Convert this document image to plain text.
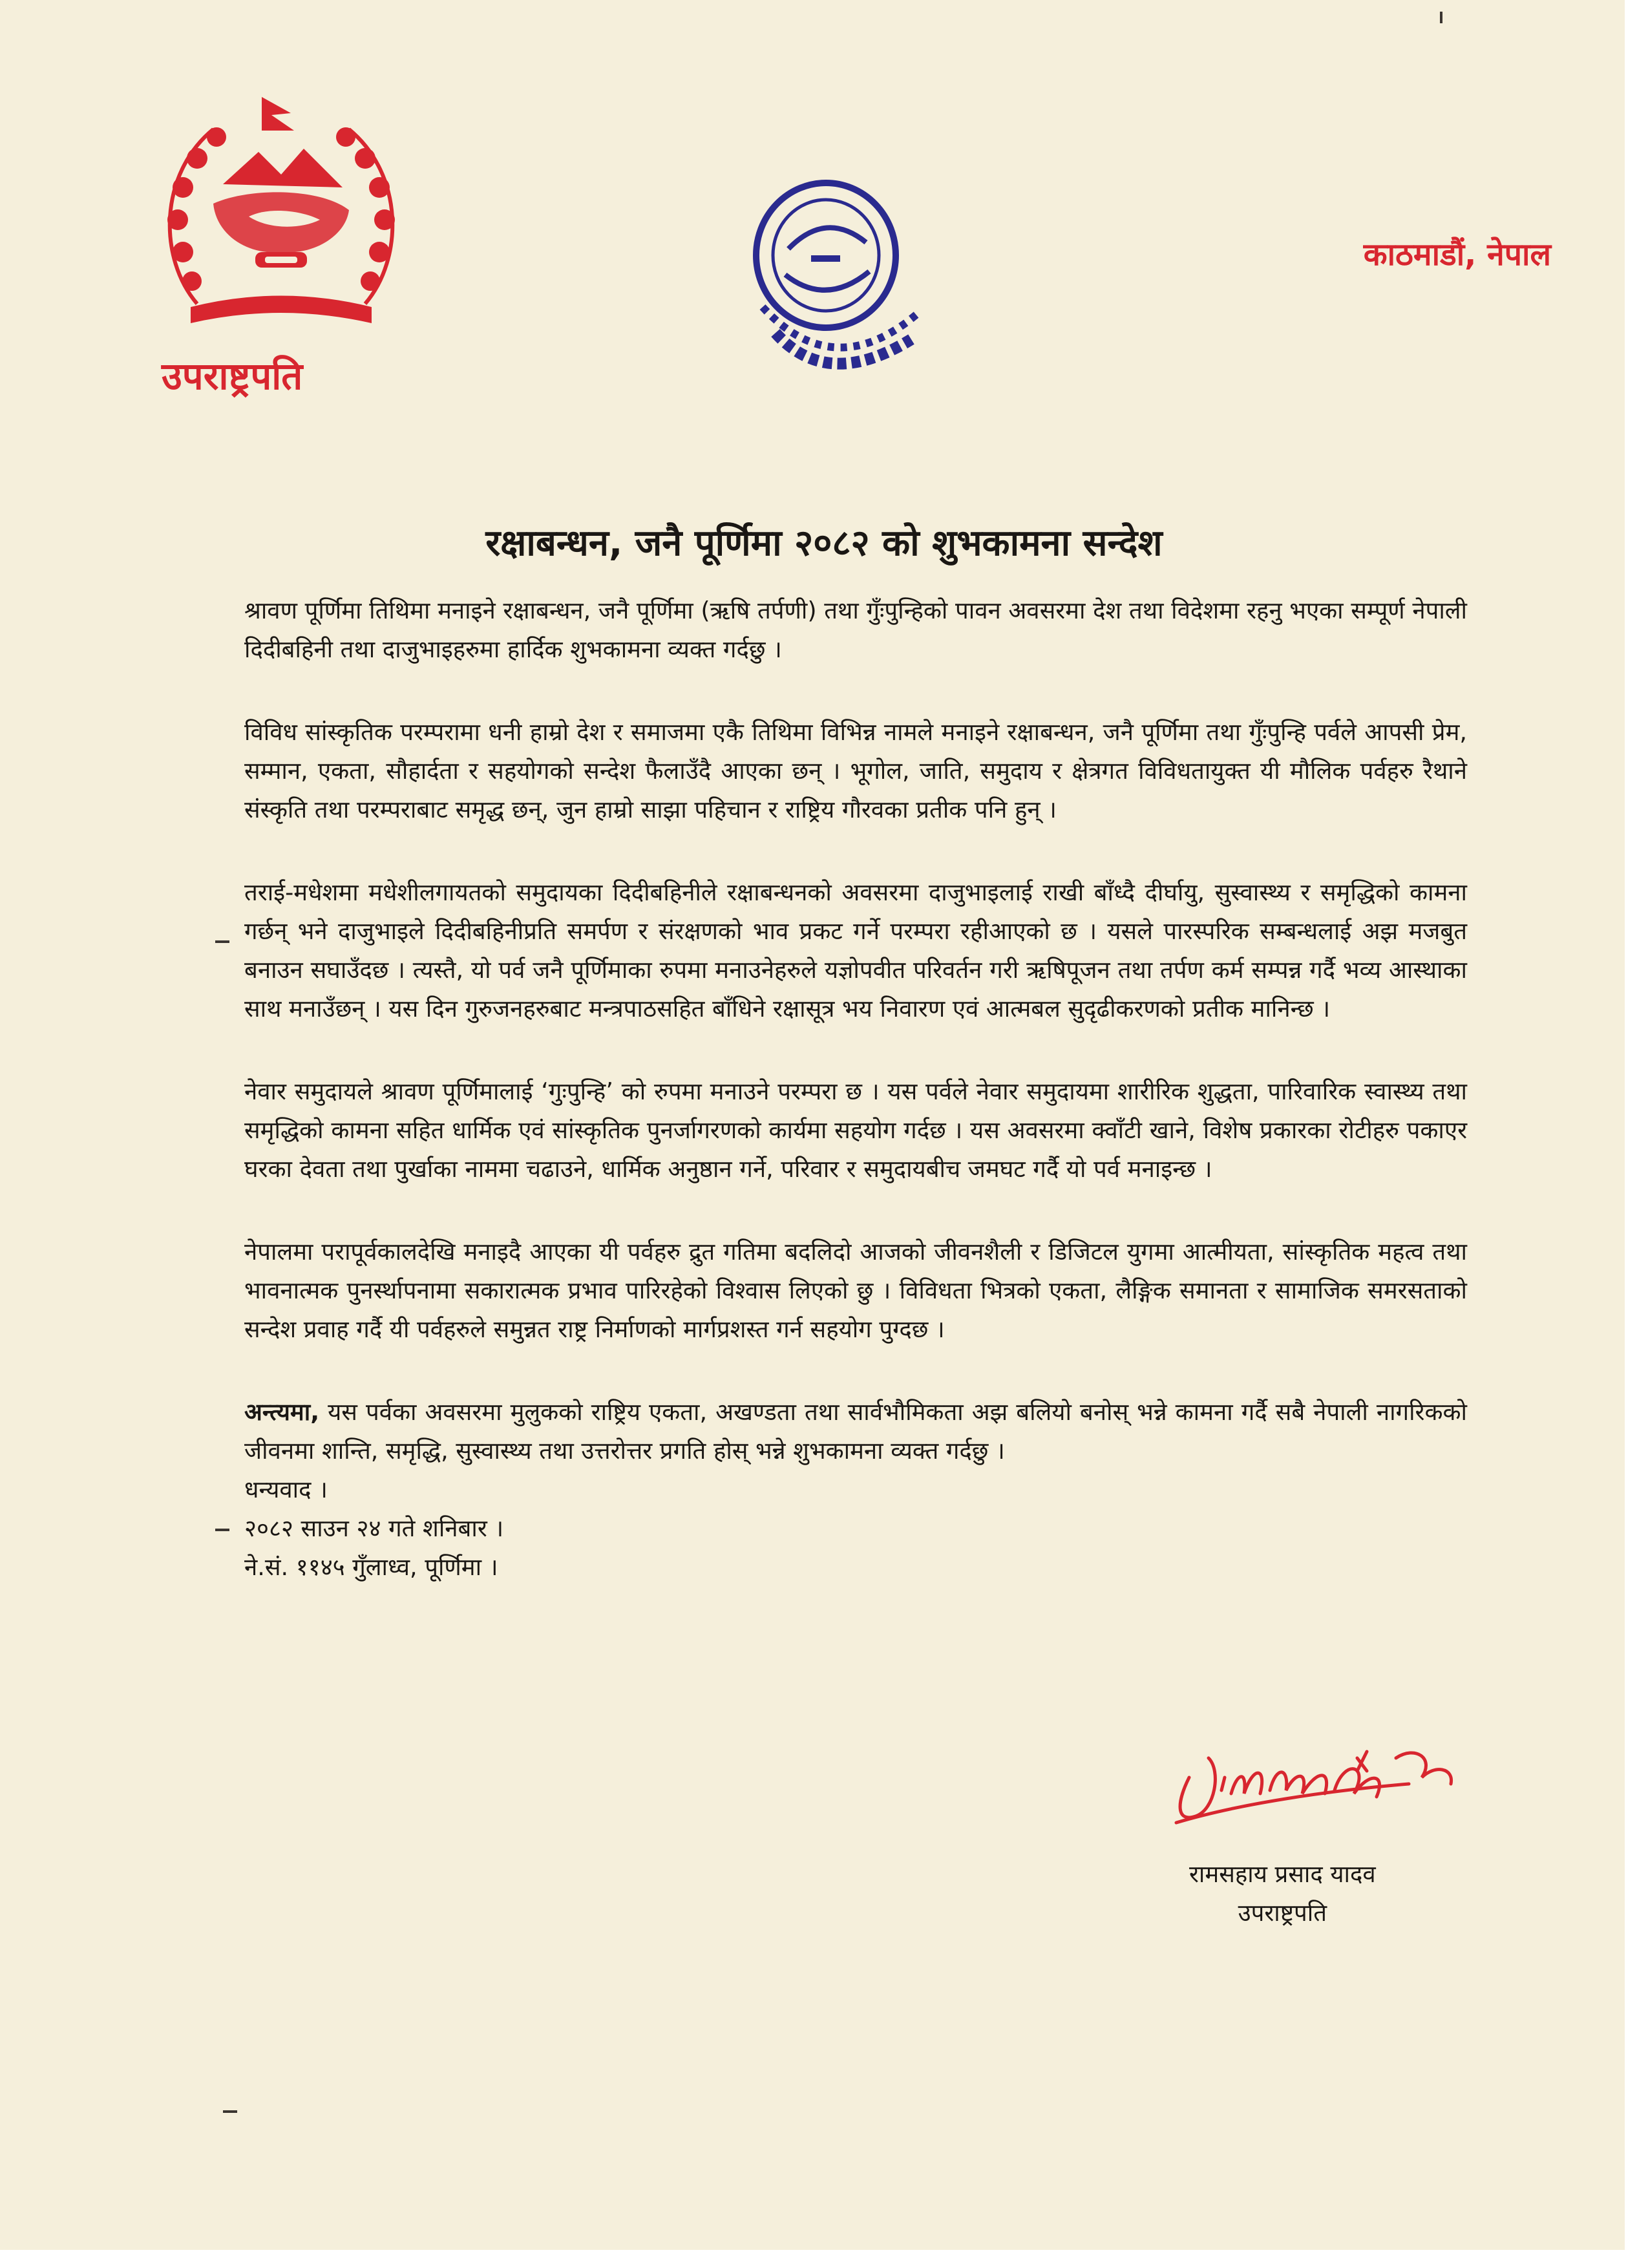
उपराष्ट्रपति
काठमाडौं, नेपाल
रक्षाबन्धन, जनै पूर्णिमा २०८२ को शुभकामना सन्देश

श्रावण पूर्णिमा तिथिमा मनाइने रक्षाबन्धन, जनै पूर्णिमा (ऋषि तर्पणी) तथा गुँःपुन्हिको पावन अवसरमा देश तथा विदेशमा रहनु भएका सम्पूर्ण नेपाली दिदीबहिनी तथा दाजुभाइहरुमा हार्दिक शुभकामना व्यक्त गर्दछु ।

विविध सांस्कृतिक परम्परामा धनी हाम्रो देश र समाजमा एकै तिथिमा विभिन्न नामले मनाइने रक्षाबन्धन, जनै पूर्णिमा तथा गुँःपुन्हि पर्वले आपसी प्रेम, सम्मान, एकता, सौहार्दता र सहयोगको सन्देश फैलाउँदै आएका छन् । भूगोल, जाति, समुदाय र क्षेत्रगत विविधतायुक्त यी मौलिक पर्वहरु रैथाने संस्कृति तथा परम्पराबाट समृद्ध छन्, जुन हाम्रो साझा पहिचान र राष्ट्रिय गौरवका प्रतीक पनि हुन् ।

तराई-मधेशमा मधेशीलगायतको समुदायका दिदीबहिनीले रक्षाबन्धनको अवसरमा दाजुभाइलाई राखी बाँध्दै दीर्घायु, सुस्वास्थ्य र समृद्धिको कामना गर्छन् भने दाजुभाइले दिदीबहिनीप्रति समर्पण र संरक्षणको भाव प्रकट गर्ने परम्परा रहीआएको छ । यसले पारस्परिक सम्बन्धलाई अझ मजबुत बनाउन सघाउँदछ । त्यस्तै, यो पर्व जनै पूर्णिमाका रुपमा मनाउनेहरुले यज्ञोपवीत परिवर्तन गरी ऋषिपूजन तथा तर्पण कर्म सम्पन्न गर्दै भव्य आस्थाका साथ मनाउँछन् । यस दिन गुरुजनहरुबाट मन्त्रपाठसहित बाँधिने रक्षासूत्र भय निवारण एवं आत्मबल सुदृढीकरणको प्रतीक मानिन्छ ।

नेवार समुदायले श्रावण पूर्णिमालाई ‘गुःपुन्हि’ को रुपमा मनाउने परम्परा छ । यस पर्वले नेवार समुदायमा शारीरिक शुद्धता, पारिवारिक स्वास्थ्य तथा समृद्धिको कामना सहित धार्मिक एवं सांस्कृतिक पुनर्जागरणको कार्यमा सहयोग गर्दछ । यस अवसरमा क्वाँटी खाने, विशेष प्रकारका रोटीहरु पकाएर घरका देवता तथा पुर्खाका नाममा चढाउने, धार्मिक अनुष्ठान गर्ने, परिवार र समुदायबीच जमघट गर्दै यो पर्व मनाइन्छ ।

नेपालमा परापूर्वकालदेखि मनाइदै आएका यी पर्वहरु द्रुत गतिमा बदलिदो आजको जीवनशैली र डिजिटल युगमा आत्मीयता, सांस्कृतिक महत्व तथा भावनात्मक पुनर्स्थापनामा सकारात्मक प्रभाव पारिरहेको विश्वास लिएको छु । विविधता भित्रको एकता, लैङ्गिक समानता र सामाजिक समरसताको सन्देश प्रवाह गर्दै यी पर्वहरुले समुन्नत राष्ट्र निर्माणको मार्गप्रशस्त गर्न सहयोग पुग्दछ ।

अन्त्यमा, यस पर्वका अवसरमा मुलुकको राष्ट्रिय एकता, अखण्डता तथा सार्वभौमिकता अझ बलियो बनोस् भन्ने कामना गर्दै सबै नेपाली नागरिकको जीवनमा शान्ति, समृद्धि, सुस्वास्थ्य तथा उत्तरोत्तर प्रगति होस् भन्ने शुभकामना व्यक्त गर्दछु ।

धन्यवाद ।
२०८२ साउन २४ गते शनिबार ।
ने.सं. ११४५ गुँलाध्व, पूर्णिमा ।
रामसहाय प्रसाद यादव
उपराष्ट्रपति
